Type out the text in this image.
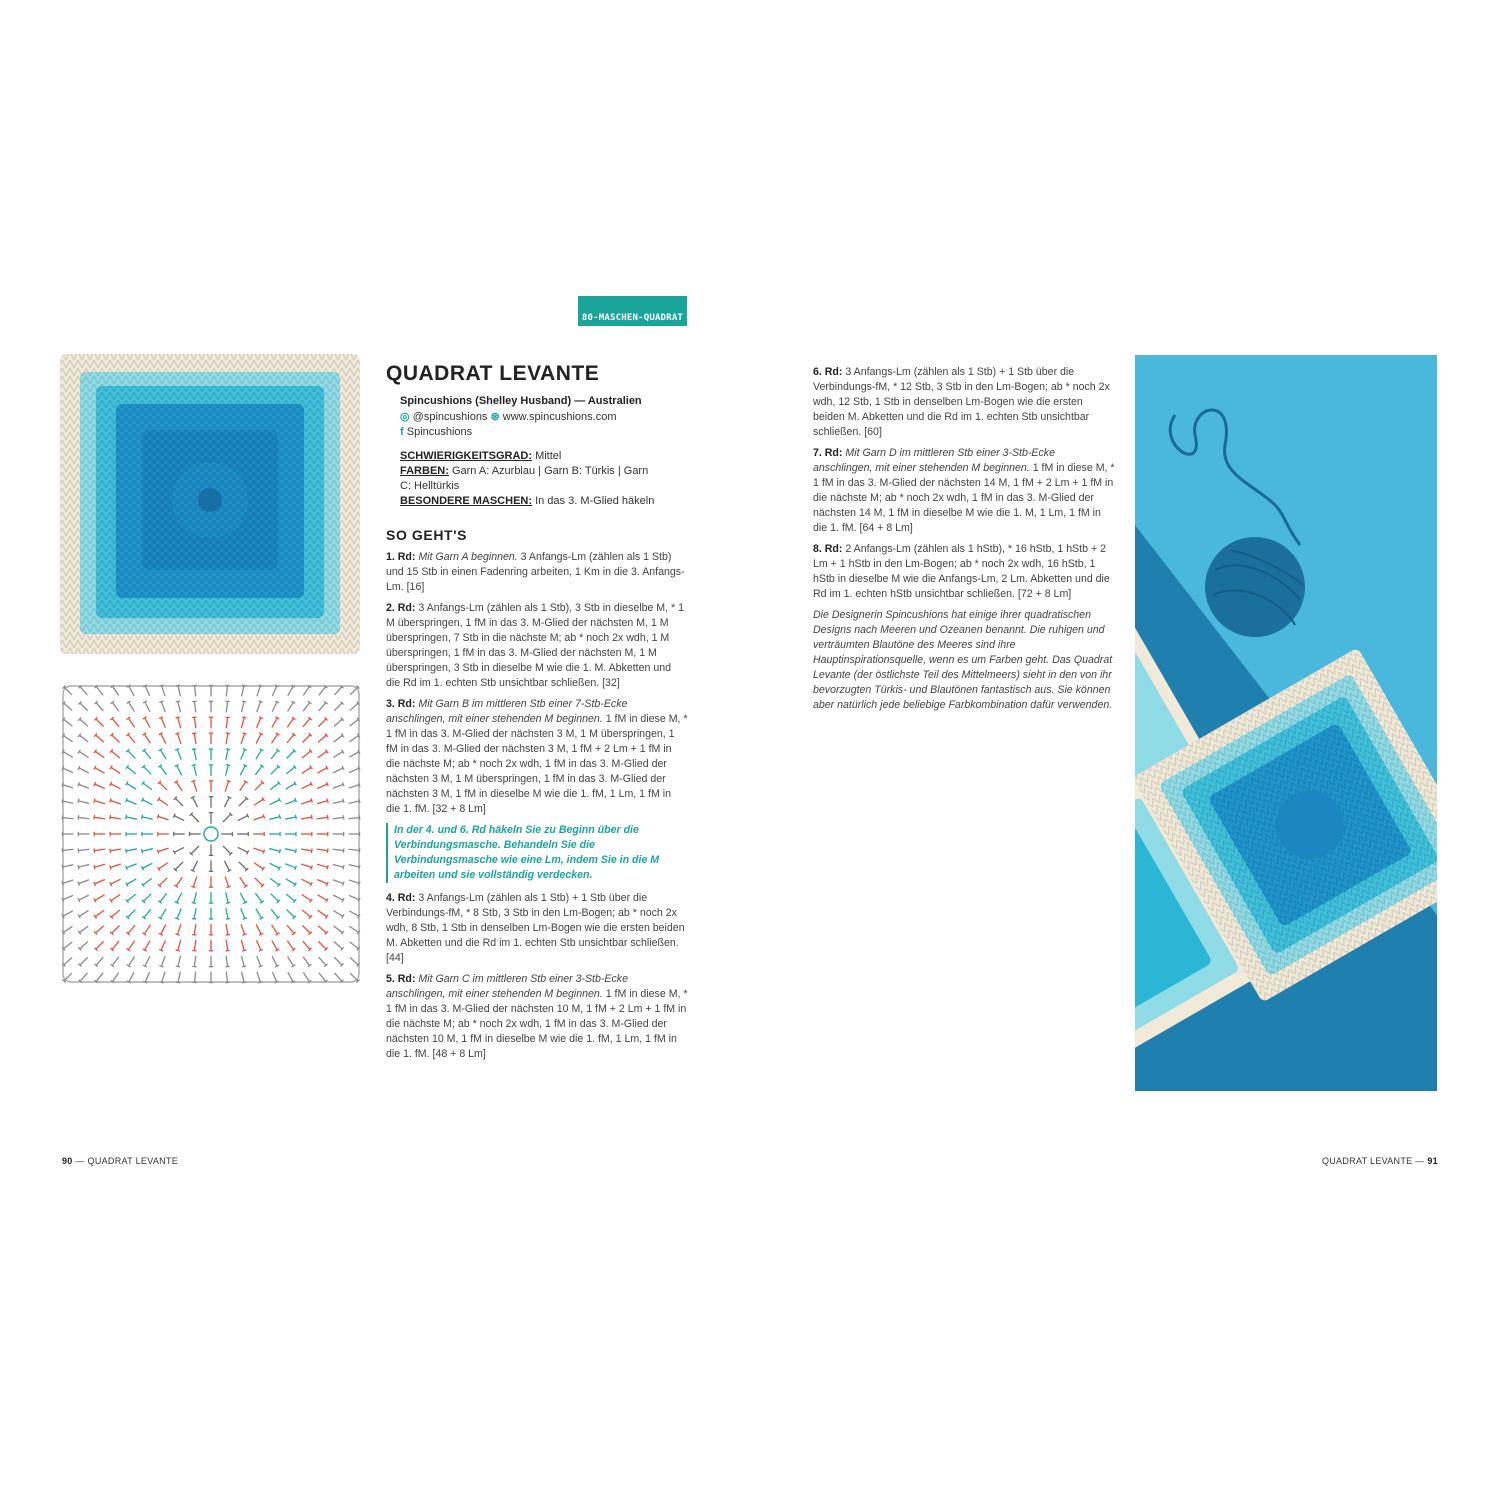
80-MASCHEN-QUADRAT
QUADRAT LEVANTE
Spincushions (Shelley Husband) — Australien
◎ @spincushions ⊛ www.spincushions.com
f Spincushions
SCHWIERIGKEITSGRAD: Mittel
FARBEN: Garn A: Azurblau | Garn B: Türkis | Garn C: Helltürkis
BESONDERE MASCHEN: In das 3. M-Glied häkeln
SO GEHT'S

1. Rd: Mit Garn A beginnen. 3 Anfangs-Lm (zählen als 1 Stb) und 15 Stb in einen Fadenring arbeiten, 1 Km in die 3. Anfangs-Lm. [16]

2. Rd: 3 Anfangs-Lm (zählen als 1 Stb), 3 Stb in dieselbe M, * 1 M überspringen, 1 fM in das 3. M-Glied der nächsten M, 1 M überspringen, 7 Stb in die nächste M; ab * noch 2x wdh, 1 M überspringen, 1 fM in das 3. M-Glied der nächsten M, 1 M überspringen, 3 Stb in dieselbe M wie die 1. M. Abketten und die Rd im 1. echten Stb unsichtbar schließen. [32]

3. Rd: Mit Garn B im mittleren Stb einer 7-Stb-Ecke anschlingen, mit einer stehenden M beginnen. 1 fM in diese M, * 1 fM in das 3. M-Glied der nächsten 3 M, 1 M überspringen, 1 fM in das 3. M-Glied der nächsten 3 M, 1 fM + 2 Lm + 1 fM in die nächste M; ab * noch 2x wdh, 1 fM in das 3. M-Glied der nächsten 3 M, 1 M überspringen, 1 fM in das 3. M-Glied der nächsten 3 M, 1 fM in dieselbe M wie die 1. fM, 1 Lm, 1 fM in die 1. fM. [32 + 8 Lm]

In der 4. und 6. Rd häkeln Sie zu Beginn über die Verbindungsmasche. Behandeln Sie die Verbindungsmasche wie eine Lm, indem Sie in die M arbeiten und sie vollständig verdecken.

4. Rd: 3 Anfangs-Lm (zählen als 1 Stb) + 1 Stb über die Verbindungs-fM, * 8 Stb, 3 Stb in den Lm-Bogen; ab * noch 2x wdh, 8 Stb, 1 Stb in denselben Lm-Bogen wie die ersten beiden M. Abketten und die Rd im 1. echten Stb unsichtbar schließen. [44]

5. Rd: Mit Garn C im mittleren Stb einer 3-Stb-Ecke anschlingen, mit einer stehenden M beginnen. 1 fM in diese M, * 1 fM in das 3. M-Glied der nächsten 10 M, 1 fM + 2 Lm + 1 fM in die nächste M; ab * noch 2x wdh, 1 fM in das 3. M-Glied der nächsten 10 M, 1 fM in dieselbe M wie die 1. fM, 1 Lm, 1 fM in die 1. fM. [48 + 8 Lm]

6. Rd: 3 Anfangs-Lm (zählen als 1 Stb) + 1 Stb über die Verbindungs-fM, * 12 Stb, 3 Stb in den Lm-Bogen; ab * noch 2x wdh, 12 Stb, 1 Stb in denselben Lm-Bogen wie die ersten beiden M. Abketten und die Rd im 1. echten Stb unsichtbar schließen. [60]

7. Rd: Mit Garn D im mittleren Stb einer 3-Stb-Ecke anschlingen, mit einer stehenden M beginnen. 1 fM in diese M, * 1 fM in das 3. M-Glied der nächsten 14 M, 1 fM + 2 Lm + 1 fM in die nächste M; ab * noch 2x wdh, 1 fM in das 3. M-Glied der nächsten 14 M, 1 fM in dieselbe M wie die 1. M, 1 Lm, 1 fM in die 1. fM. [64 + 8 Lm]

8. Rd: 2 Anfangs-Lm (zählen als 1 hStb), * 16 hStb, 1 hStb + 2 Lm + 1 hStb in den Lm-Bogen; ab * noch 2x wdh, 16 hStb, 1 hStb in dieselbe M wie die Anfangs-Lm, 2 Lm. Abketten und die Rd im 1. echten hStb unsichtbar schließen. [72 + 8 Lm]

Die Designerin Spincushions hat einige ihrer quadratischen Designs nach Meeren und Ozeanen benannt. Die ruhigen und verträumten Blautöne des Meeres sind ihre Hauptinspirationsquelle, wenn es um Farben geht. Das Quadrat Levante (der östlichste Teil des Mittelmeers) sieht in den von ihr bevorzugten Türkis- und Blautönen fantastisch aus. Sie können aber natürlich jede beliebige Farbkombination dafür verwenden.

90 — QUADRAT LEVANTE	QUADRAT LEVANTE — 91
